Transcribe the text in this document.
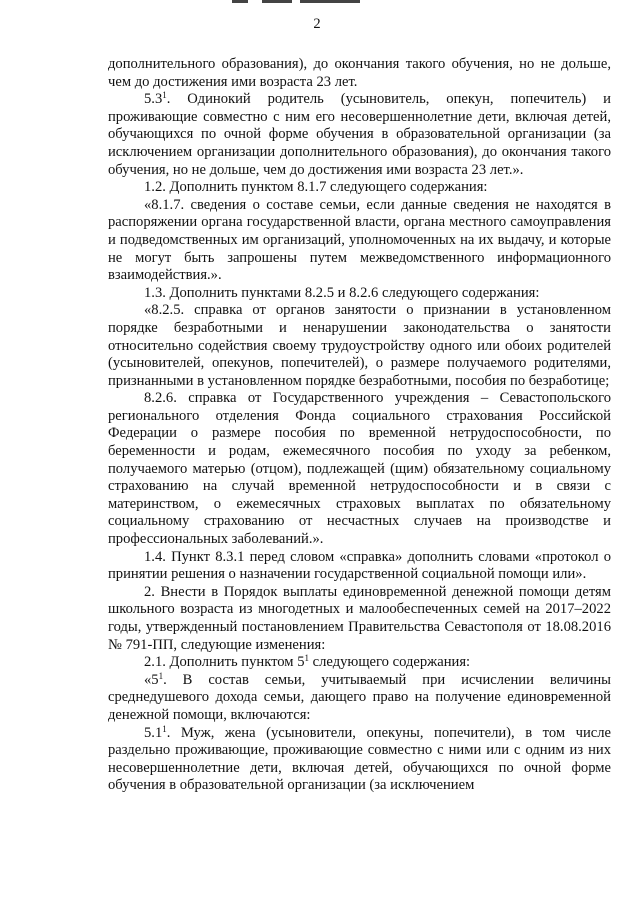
2

дополнительного образования), до окончания такого обучения, но не дольше, чем до достижения ими возраста 23 лет.

$5.3^1$. Одинокий родитель (усыновитель, опекун, попечитель) и проживающие совместно с ним его несовершеннолетние дети, включая детей, обучающихся по очной форме обучения в образовательной организации (за исключением организации дополнительного образования), до окончания такого обучения, но не дольше, чем до достижения ими возраста 23 лет.».

1.2. Дополнить пунктом 8.1.7 следующего содержания:

«8.1.7. сведения о составе семьи, если данные сведения не находятся в распоряжении органа государственной власти, органа местного самоуправления и подведомственных им организаций, уполномоченных на их выдачу, и которые не могут быть запрошены путем межведомственного информационного взаимодействия.».

1.3. Дополнить пунктами 8.2.5 и 8.2.6 следующего содержания:

«8.2.5. справка от органов занятости о признании в установленном порядке безработными и ненарушении законодательства о занятости относительно содействия своему трудоустройству одного или обоих родителей (усыновителей, опекунов, попечителей), о размере получаемого родителями, признанными в установленном порядке безработными, пособия по безработице;

8.2.6. справка от Государственного учреждения – Севастопольского регионального отделения Фонда социального страхования Российской Федерации о размере пособия по временной нетрудоспособности, по беременности и родам, ежемесячного пособия по уходу за ребенком, получаемого матерью (отцом), подлежащей (щим) обязательному социальному страхованию на случай временной нетрудоспособности и в связи с материнством, о ежемесячных страховых выплатах по обязательному социальному страхованию от несчастных случаев на производстве и профессиональных заболеваний.».

1.4. Пункт 8.3.1 перед словом «справка» дополнить словами «протокол о принятии решения о назначении государственной социальной помощи или».

2. Внести в Порядок выплаты единовременной денежной помощи детям школьного возраста из многодетных и малообеспеченных семей на 2017–2022 годы, утвержденный постановлением Правительства Севастополя от 18.08.2016 № 791-ПП, следующие изменения:

2.1. Дополнить пунктом $5^1$ следующего содержания:

«$5^1$. В состав семьи, учитываемый при исчислении величины среднедушевого дохода семьи, дающего право на получение единовременной денежной помощи, включаются:

$5.1^1$. Муж, жена (усыновители, опекуны, попечители), в том числе раздельно проживающие, проживающие совместно с ними или с одним из них несовершеннолетние дети, включая детей, обучающихся по очной форме обучения в образовательной организации (за исключением
